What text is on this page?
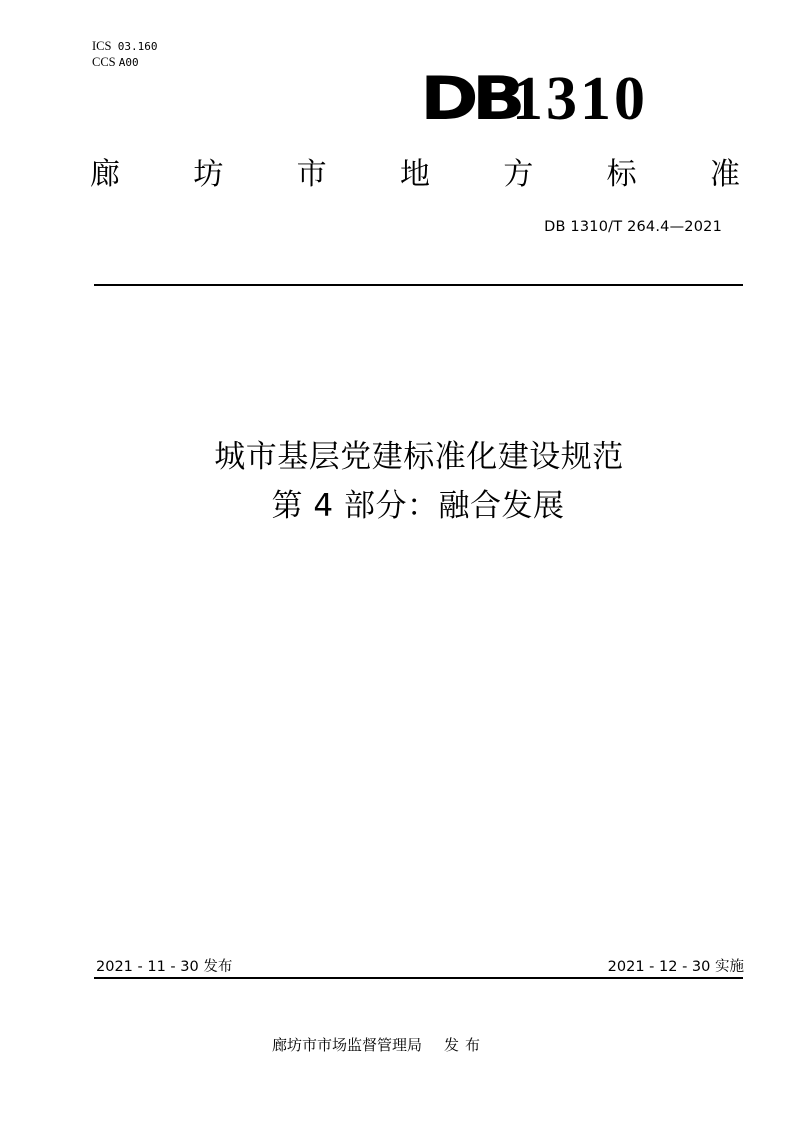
ICS 03.160
CCS A00
DB
1310
廊 坊 市 地 方 标 准
DB 1310/T 264.4—2021
城市基层党建标准化建设规范
第 4 部分：融合发展
2021 - 11 - 30 发布	2021 - 12 - 30 实施
廊坊市市场监督管理局 发布
